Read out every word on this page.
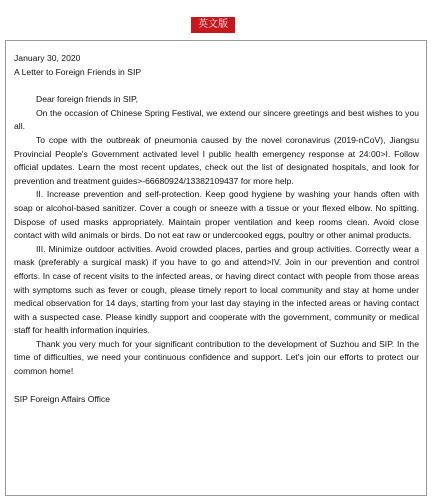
英文版

January 30, 2020

A Letter to Foreign Friends in SIP

Dear foreign friends in SIP,

On the occasion of Chinese Spring Festival, we extend our sincere greetings and best wishes to you all.

To cope with the outbreak of pneumonia caused by the novel coronavirus (2019-nCoV), Jiangsu Provincial People's Government activated level I public health emergency response at 24:00>I. Follow official updates. Learn the most recent updates, check out the list of designated hospitals, and look for prevention and treatment guides>-66680924/13382109437 for more help.

II. Increase prevention and self-protection. Keep good hygiene by washing your hands often with soap or alcohol-based sanitizer. Cover a cough or sneeze with a tissue or your flexed elbow. No spitting. Dispose of used masks appropriately. Maintain proper ventilation and keep rooms clean. Avoid close contact with wild animals or birds. Do not eat raw or undercooked eggs, poultry or other animal products.

III. Minimize outdoor activities. Avoid crowded places, parties and group activities. Correctly wear a mask (preferably a surgical mask) if you have to go and attend>IV. Join in our prevention and control efforts. In case of recent visits to the infected areas, or having direct contact with people from those areas with symptoms such as fever or cough, please timely report to local community and stay at home under medical observation for 14 days, starting from your last day staying in the infected areas or having contact with a suspected case. Please kindly support and cooperate with the government, community or medical staff for health information inquiries.

Thank you very much for your significant contribution to the development of Suzhou and SIP. In the time of difficulties, we need your continuous confidence and support. Let's join our efforts to protect our common home!

SIP Foreign Affairs Office
